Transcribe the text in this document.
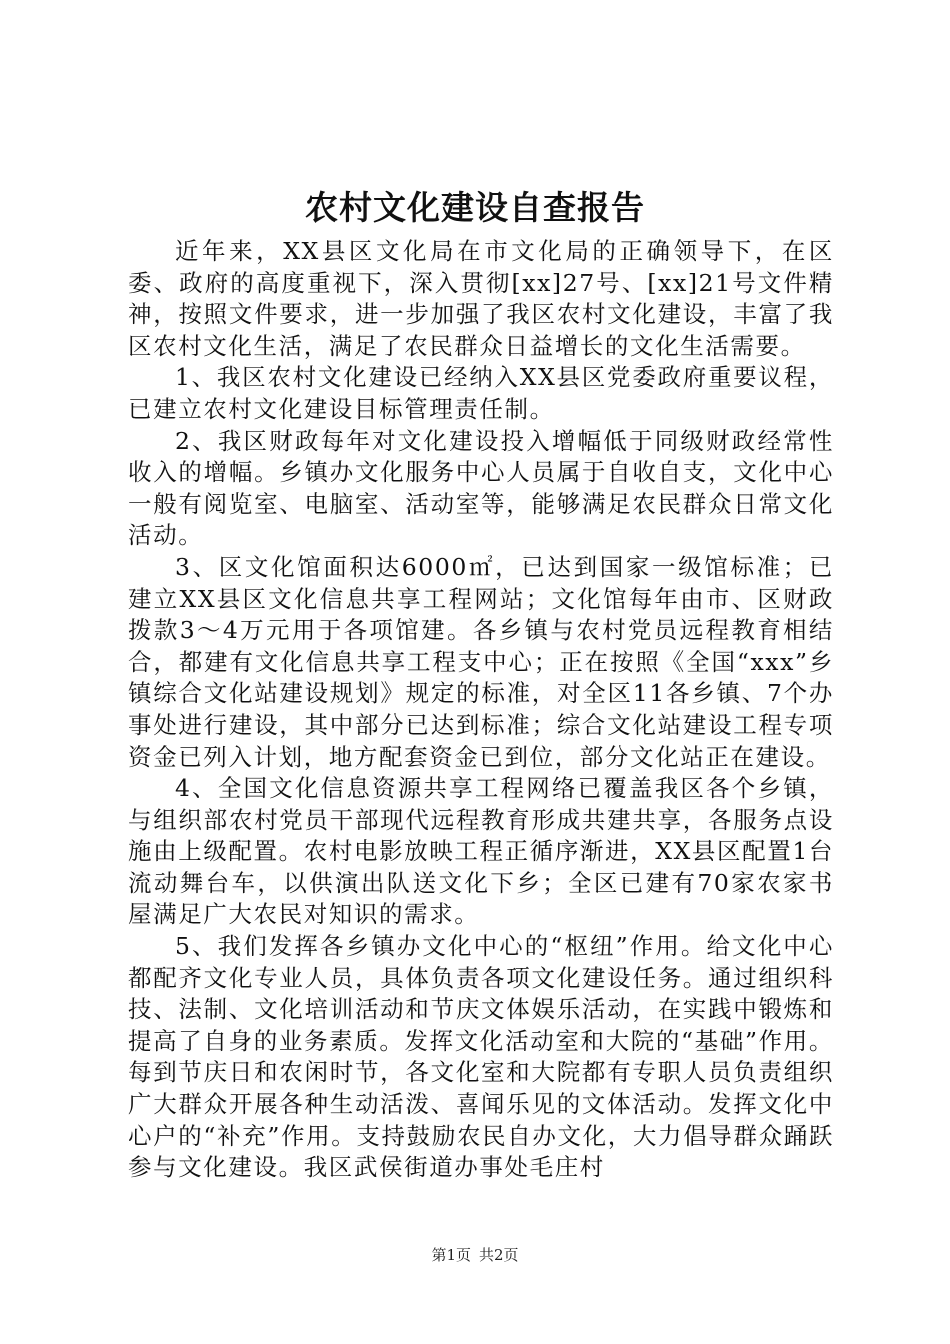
农村文化建设自查报告

近年来，XX县区文化局在市文化局的正确领导下，在区委、政府的高度重视下，深入贯彻[xx]27号、[xx]21号文件精神，按照文件要求，进一步加强了我区农村文化建设，丰富了我区农村文化生活，满足了农民群众日益增长的文化生活需要。

1、我区农村文化建设已经纳入XX县区党委政府重要议程，已建立农村文化建设目标管理责任制。

2、我区财政每年对文化建设投入增幅低于同级财政经常性收入的增幅。乡镇办文化服务中心人员属于自收自支，文化中心一般有阅览室、电脑室、活动室等，能够满足农民群众日常文化活动。

3、区文化馆面积达6000㎡，已达到国家一级馆标准；已建立XX县区文化信息共享工程网站；文化馆每年由市、区财政拨款3～4万元用于各项馆建。各乡镇与农村党员远程教育相结合，都建有文化信息共享工程支中心；正在按照《全国“xxx”乡镇综合文化站建设规划》规定的标准，对全区11各乡镇、7个办事处进行建设，其中部分已达到标准；综合文化站建设工程专项资金已列入计划，地方配套资金已到位，部分文化站正在建设。

4、全国文化信息资源共享工程网络已覆盖我区各个乡镇，与组织部农村党员干部现代远程教育形成共建共享，各服务点设施由上级配置。农村电影放映工程正循序渐进，XX县区配置1台流动舞台车，以供演出队送文化下乡；全区已建有70家农家书屋满足广大农民对知识的需求。

5、我们发挥各乡镇办文化中心的“枢纽”作用。给文化中心都配齐文化专业人员，具体负责各项文化建设任务。通过组织科技、法制、文化培训活动和节庆文体娱乐活动，在实践中锻炼和提高了自身的业务素质。发挥文化活动室和大院的“基础”作用。每到节庆日和农闲时节，各文化室和大院都有专职人员负责组织广大群众开展各种生动活泼、喜闻乐见的文体活动。发挥文化中心户的“补充”作用。支持鼓励农民自办文化，大力倡导群众踊跃参与文化建设。我区武侯街道办事处毛庄村

第1页 共2页
